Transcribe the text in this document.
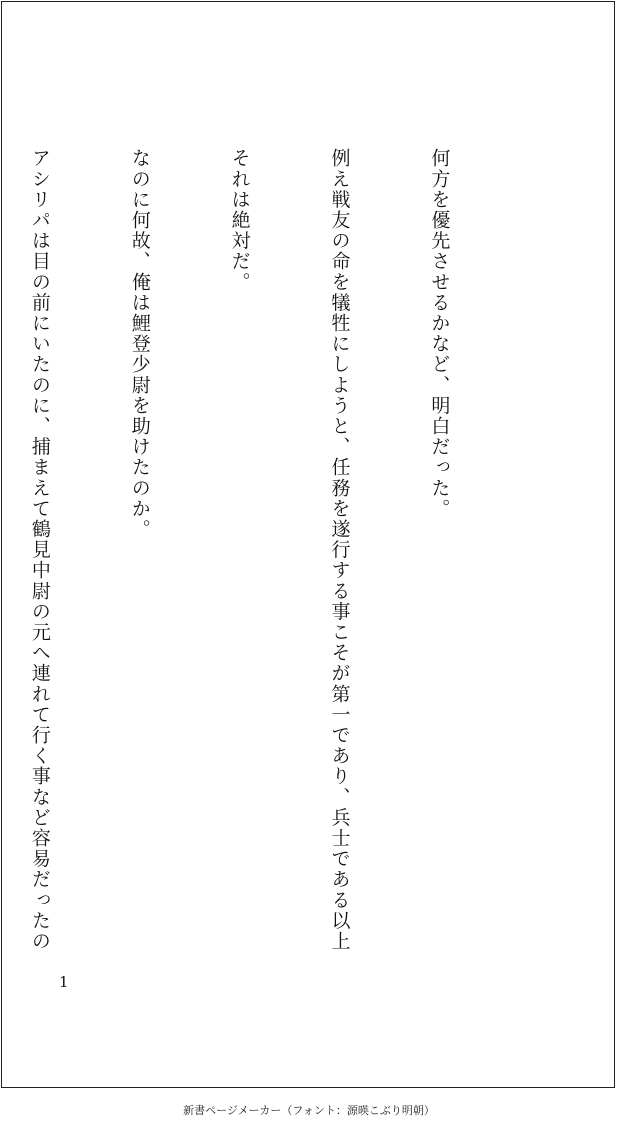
何方を優先させるかなど、明白だった。

例え戦友の命を犠牲にしようと、任務を遂行する事こそが第一であり、兵士である以上

それは絶対だ。

なのに何故、俺は鯉登少尉を助けたのか。

アシリパは目の前にいたのに、捕まえて鶴見中尉の元へ連れて行く事など容易だったの

1
新書ページメーカー（フォント：源暎こぶり明朝）
